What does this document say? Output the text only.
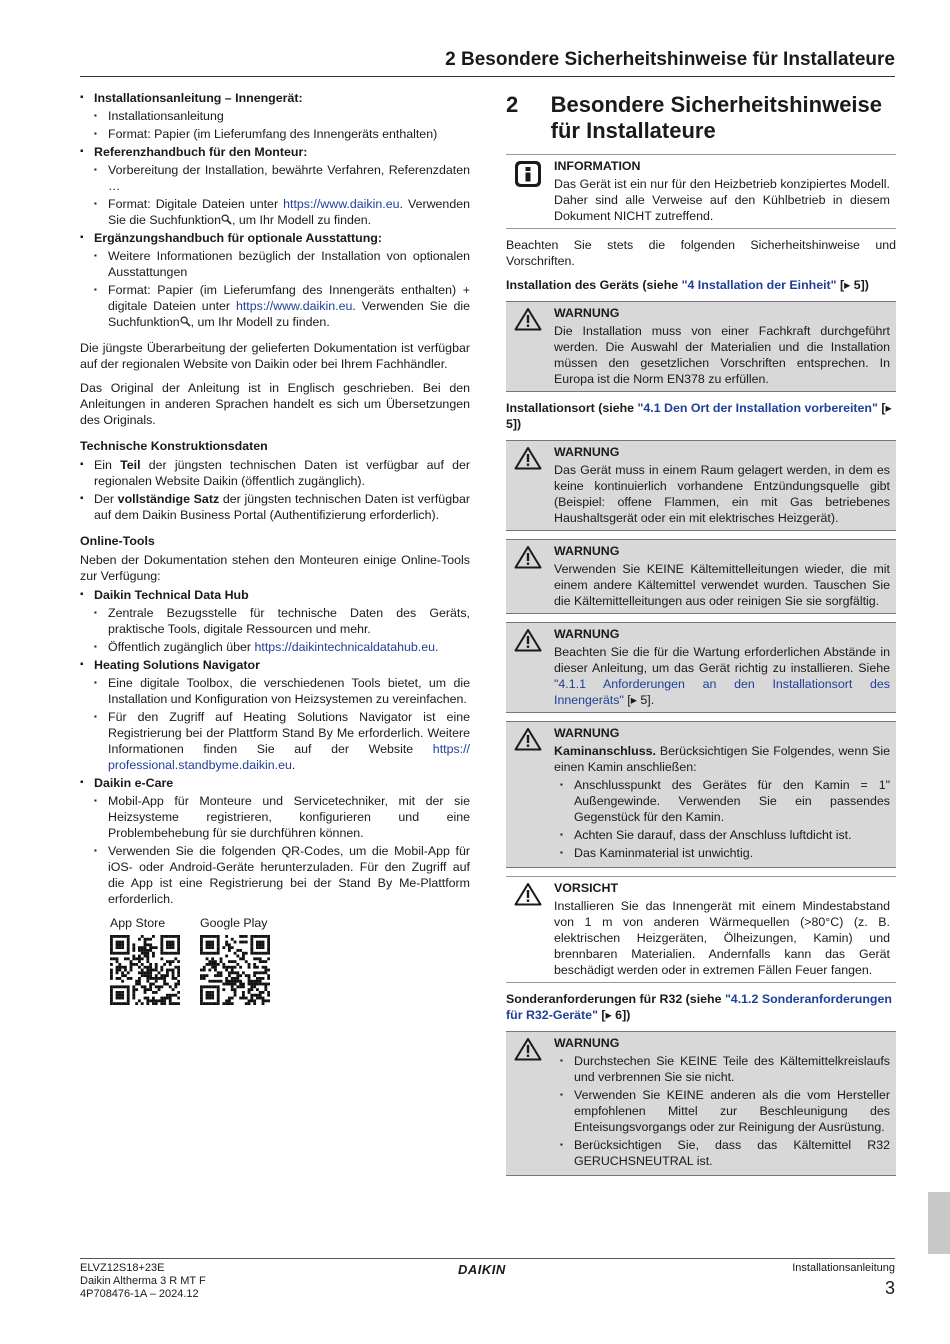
2 Besondere Sicherheitshinweise für Installateure
▪ Installationsanleitung – Innengerät:
▪ Installationsanleitung
▪ Format: Papier (im Lieferumfang des Innengeräts enthalten)
▪ Referenzhandbuch für den Monteur:
▪ Vorbereitung der Installation, bewährte Verfahren, Referenzdaten …
▪ Format: Digitale Dateien unter https://www.daikin.eu. Verwenden Sie die Suchfunktion , um Ihr Modell zu finden.
▪ Ergänzungshandbuch für optionale Ausstattung:
▪ Weitere Informationen bezüglich der Installation von optionalen Ausstattungen
▪ Format: Papier (im Lieferumfang des Innengeräts enthalten) + digitale Dateien unter https://www.daikin.eu. Verwenden Sie die Suchfunktion , um Ihr Modell zu finden.

Die jüngste Überarbeitung der gelieferten Dokumentation ist verfügbar auf der regionalen Website von Daikin oder bei Ihrem Fachhändler.

Das Original der Anleitung ist in Englisch geschrieben. Bei den Anleitungen in anderen Sprachen handelt es sich um Übersetzungen des Originals.

Technische Konstruktionsdaten
▪ Ein Teil der jüngsten technischen Daten ist verfügbar auf der regionalen Website Daikin (öffentlich zugänglich).
▪ Der vollständige Satz der jüngsten technischen Daten ist verfügbar auf dem Daikin Business Portal (Authentifizierung erforderlich).
Online-Tools

Neben der Dokumentation stehen den Monteuren einige Online-Tools zur Verfügung:

▪ Daikin Technical Data Hub
▪ Zentrale Bezugsstelle für technische Daten des Geräts, praktische Tools, digitale Ressourcen und mehr.
▪ Öffentlich zugänglich über https://daikintechnicaldatahub.eu.
▪ Heating Solutions Navigator
▪ Eine digitale Toolbox, die verschiedenen Tools bietet, um die Installation und Konfiguration von Heizsystemen zu vereinfachen.
▪ Für den Zugriff auf Heating Solutions Navigator ist eine Registrierung bei der Plattform Stand By Me erforderlich. Weitere Informationen finden Sie auf der Website https:// professional.standbyme.daikin.eu.
▪ Daikin e-Care
▪ Mobil-App für Monteure und Servicetechniker, mit der sie Heizsysteme registrieren, konfigurieren und eine Problembehebung für sie durchführen können.
▪ Verwenden Sie die folgenden QR-Codes, um die Mobil-App für iOS- oder Android-Geräte herunterzuladen. Für den Zugriff auf die App ist eine Registrierung bei der Stand By Me-Plattform erforderlich.
App Store	Google Play
2	Besondere Sicherheitshinweise für Installateure
INFORMATION
Das Gerät ist ein nur für den Heizbetrieb konzipiertes Modell. Daher sind alle Verweise auf den Kühlbetrieb in diesem Dokument NICHT zutreffend.

Beachten Sie stets die folgenden Sicherheitshinweise und Vorschriften.

Installation des Geräts (siehe "4 Installation der Einheit" [▸ 5])
WARNUNG
Die Installation muss von einer Fachkraft durchgeführt werden. Die Auswahl der Materialien und die Installation müssen den gesetzlichen Vorschriften entsprechen. In Europa ist die Norm EN378 zu erfüllen.
Installationsort (siehe "4.1 Den Ort der Installation vorbereiten" [▸ 5])
WARNUNG
Das Gerät muss in einem Raum gelagert werden, in dem es keine kontinuierlich vorhandene Entzündungsquelle gibt (Beispiel: offene Flammen, ein mit Gas betriebenes Haushaltsgerät oder ein mit elektrisches Heizgerät).
WARNUNG
Verwenden Sie KEINE Kältemittelleitungen wieder, die mit einem andere Kältemittel verwendet wurden. Tauschen Sie die Kältemittelleitungen aus oder reinigen Sie sie sorgfältig.
WARNUNG
Beachten Sie die für die Wartung erforderlichen Abstände in dieser Anleitung, um das Gerät richtig zu installieren. Siehe "4.1.1 Anforderungen an den Installationsort des Innengeräts" [▸ 5].
WARNUNG
Kaminanschluss. Berücksichtigen Sie Folgendes, wenn Sie einen Kamin anschließen:
▪ Anschlusspunkt des Gerätes für den Kamin = 1" Außengewinde. Verwenden Sie ein passendes Gegenstück für den Kamin.
▪ Achten Sie darauf, dass der Anschluss luftdicht ist.
▪ Das Kaminmaterial ist unwichtig.
VORSICHT
Installieren Sie das Innengerät mit einem Mindestabstand von 1 m von anderen Wärmequellen (>80°C) (z. B. elektrischen Heizgeräten, Ölheizungen, Kamin) und brennbaren Materialien. Andernfalls kann das Gerät beschädigt werden oder in extremen Fällen Feuer fangen.
Sonderanforderungen für R32 (siehe "4.1.2 Sonderanforderungen für R32-Geräte" [▸ 6])
WARNUNG
▪ Durchstechen Sie KEINE Teile des Kältemittelkreislaufs und verbrennen Sie sie nicht.
▪ Verwenden Sie KEINE anderen als die vom Hersteller empfohlenen Mittel zur Beschleunigung des Enteisungsvorgangs oder zur Reinigung der Ausrüstung.
▪ Berücksichtigen Sie, dass das Kältemittel R32 GERUCHSNEUTRAL ist.
ELVZ12S18+23E
Daikin Altherma 3 R MT F
4P708476-1A – 2024.12
DAIKIN	Installationsanleitung
3
